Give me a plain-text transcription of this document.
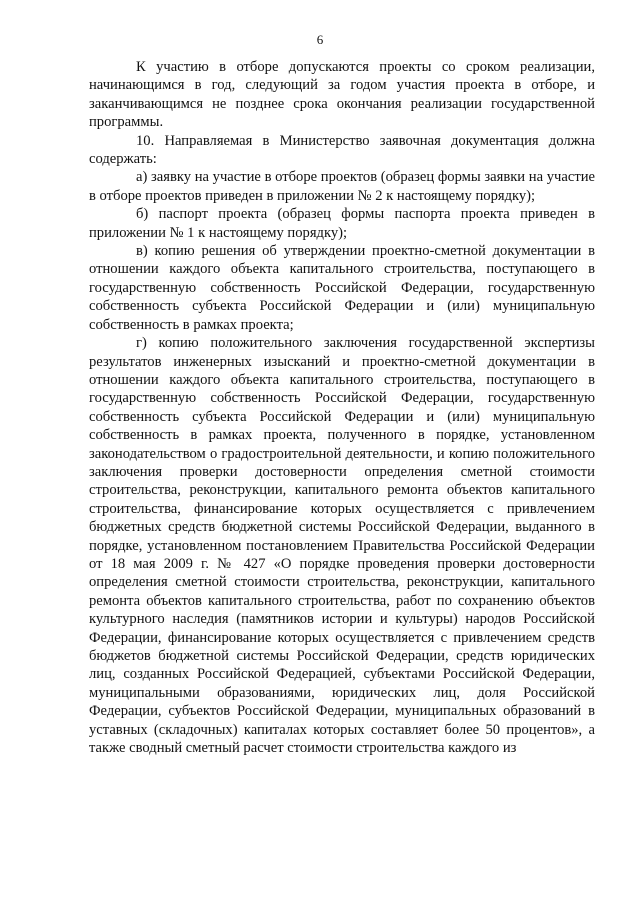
6

К участию в отборе допускаются проекты со сроком реализации, начинающимся в год, следующий за годом участия проекта в отборе, и заканчивающимся не позднее срока окончания реализации государственной программы.

10. Направляемая в Министерство заявочная документация должна содержать:

а) заявку на участие в отборе проектов (образец формы заявки на участие в отборе проектов приведен в приложении № 2 к настоящему порядку);

б) паспорт проекта (образец формы паспорта проекта приведен в приложении № 1 к настоящему порядку);

в) копию решения об утверждении проектно-сметной документации в отношении каждого объекта капитального строительства, поступающего в государственную собственность Российской Федерации, государственную собственность субъекта Российской Федерации и (или) муниципальную собственность в рамках проекта;

г) копию положительного заключения государственной экспертизы результатов инженерных изысканий и проектно-сметной документации в отношении каждого объекта капитального строительства, поступающего в государственную собственность Российской Федерации, государственную собственность субъекта Российской Федерации и (или) муниципальную собственность в рамках проекта, полученного в порядке, установленном законодательством о градостроительной деятельности, и копию положительного заключения проверки достоверности определения сметной стоимости строительства, реконструкции, капитального ремонта объектов капитального строительства, финансирование которых осуществляется с привлечением бюджетных средств бюджетной системы Российской Федерации, выданного в порядке, установленном постановлением Правительства Российской Федерации от 18 мая 2009 г. № 427 «О порядке проведения проверки достоверности определения сметной стоимости строительства, реконструкции, капитального ремонта объектов капитального строительства, работ по сохранению объектов культурного наследия (памятников истории и культуры) народов Российской Федерации, финансирование которых осуществляется с привлечением средств бюджетов бюджетной системы Российской Федерации, средств юридических лиц, созданных Российской Федерацией, субъектами Российской Федерации, муниципальными образованиями, юридических лиц, доля Российской Федерации, субъектов Российской Федерации, муниципальных образований в уставных (складочных) капиталах которых составляет более 50 процентов», а также сводный сметный расчет стоимости строительства каждого из
